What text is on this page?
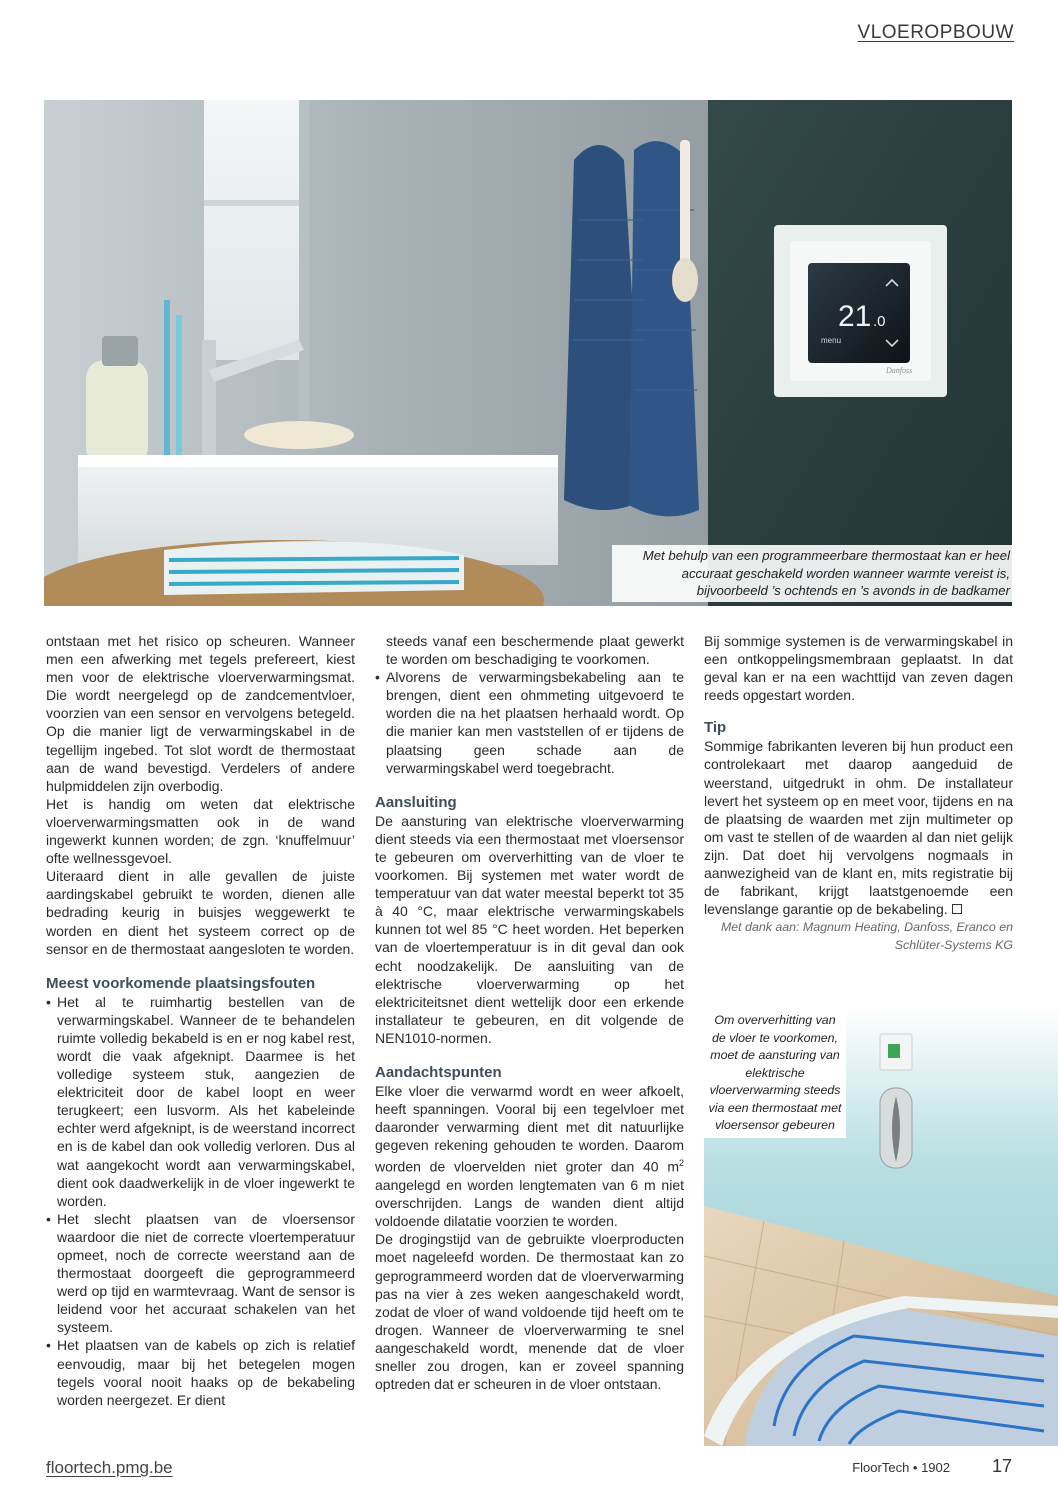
VLOEROPBOUW
21 .0
menu
Danfoss
Met behulp van een programmeerbare thermostaat kan er heel accuraat geschakeld worden wanneer warmte vereist is, bijvoorbeeld ’s ochtends en ’s avonds in de badkamer

ontstaan met het risico op scheuren. Wanneer men een afwerking met tegels prefereert, kiest men voor de elektrische vloerverwarmingsmat. Die wordt neergelegd op de zandcementvloer, voorzien van een sensor en vervolgens betegeld. Op die manier ligt de verwarmingskabel in de tegellijm ingebed. Tot slot wordt de thermostaat aan de wand bevestigd. Verdelers of andere hulpmiddelen zijn overbodig.

Het is handig om weten dat elektrische vloerverwarmingsmatten ook in de wand ingewerkt kunnen worden; de zgn. ‘knuffelmuur’ ofte wellnessgevoel.

Uiteraard dient in alle gevallen de juiste aardingskabel gebruikt te worden, dienen alle bedrading keurig in buisjes weggewerkt te worden en dient het systeem correct op de sensor en de thermostaat aangesloten te worden.

Meest voorkomende plaatsingsfouten
• Het al te ruimhartig bestellen van de verwarmingskabel. Wanneer de te behandelen ruimte volledig bekabeld is en er nog kabel rest, wordt die vaak afgeknipt. Daarmee is het volledige systeem stuk, aangezien de elektriciteit door de kabel loopt en weer terugkeert; een lusvorm. Als het kabeleinde echter werd afgeknipt, is de weerstand incorrect en is de kabel dan ook volledig verloren. Dus al wat aangekocht wordt aan verwarmingskabel, dient ook daadwerkelijk in de vloer ingewerkt te worden.
• Het slecht plaatsen van de vloersensor waardoor die niet de correcte vloertemperatuur opmeet, noch de correcte weerstand aan de thermostaat doorgeeft die geprogrammeerd werd op tijd en warmtevraag. Want de sensor is leidend voor het accuraat schakelen van het systeem.
• Het plaatsen van de kabels op zich is relatief eenvoudig, maar bij het betegelen mogen tegels vooral nooit haaks op de bekabeling worden neergezet. Er dient

steeds vanaf een beschermende plaat gewerkt te worden om beschadiging te voorkomen.

• Alvorens de verwarmingsbekabeling aan te brengen, dient een ohmmeting uitgevoerd te worden die na het plaatsen herhaald wordt. Op die manier kan men vaststellen of er tijdens de plaatsing geen schade aan de verwarmingskabel werd toegebracht.
Aansluiting

De aansturing van elektrische vloerverwarming dient steeds via een thermostaat met vloersensor te gebeuren om oververhitting van de vloer te voorkomen. Bij systemen met water wordt de temperatuur van dat water meestal beperkt tot 35 à 40 °C, maar elektrische verwarmingskabels kunnen tot wel 85 °C heet worden. Het beperken van de vloertemperatuur is in dit geval dan ook echt noodzakelijk. De aansluiting van de elektrische vloerverwarming op het elektriciteitsnet dient wettelijk door een erkende installateur te gebeuren, en dit volgende de NEN1010-normen.

Aandachtspunten

Elke vloer die verwarmd wordt en weer afkoelt, heeft spanningen. Vooral bij een tegelvloer met daaronder verwarming dient met dit natuurlijke gegeven rekening gehouden te worden. Daarom worden de vloervelden niet groter dan 40 $m^2$ aangelegd en worden lengtematen van 6 m niet overschrijden. Langs de wanden dient altijd voldoende dilatatie voorzien te worden.

De drogingstijd van de gebruikte vloerproducten moet nageleefd worden. De thermostaat kan zo geprogrammeerd worden dat de vloerverwarming pas na vier à zes weken aangeschakeld wordt, zodat de vloer of wand voldoende tijd heeft om te drogen. Wanneer de vloerverwarming te snel aangeschakeld wordt, menende dat de vloer sneller zou drogen, kan er zoveel spanning optreden dat er scheuren in de vloer ontstaan.

Bij sommige systemen is de verwarmingskabel in een ontkoppelingsmembraan geplaatst. In dat geval kan er na een wachttijd van zeven dagen reeds opgestart worden.

Tip

Sommige fabrikanten leveren bij hun product een controlekaart met daarop aangeduid de weerstand, uitgedrukt in ohm. De installateur levert het systeem op en meet voor, tijdens en na de plaatsing de waarden met zijn multimeter op om vast te stellen of de waarden al dan niet gelijk zijn. Dat doet hij vervolgens nogmaals in aanwezigheid van de klant en, mits registratie bij de fabrikant, krijgt laatstgenoemde een levenslange garantie op de bekabeling.

Met dank aan: Magnum Heating, Danfoss, Eranco en Schlüter-Systems KG

Om oververhitting van de vloer te voorkomen, moet de aansturing van elektrische vloerverwarming steeds via een thermostaat met vloersensor gebeuren
floortech.pmg.be	FloorTech • 1902 17
